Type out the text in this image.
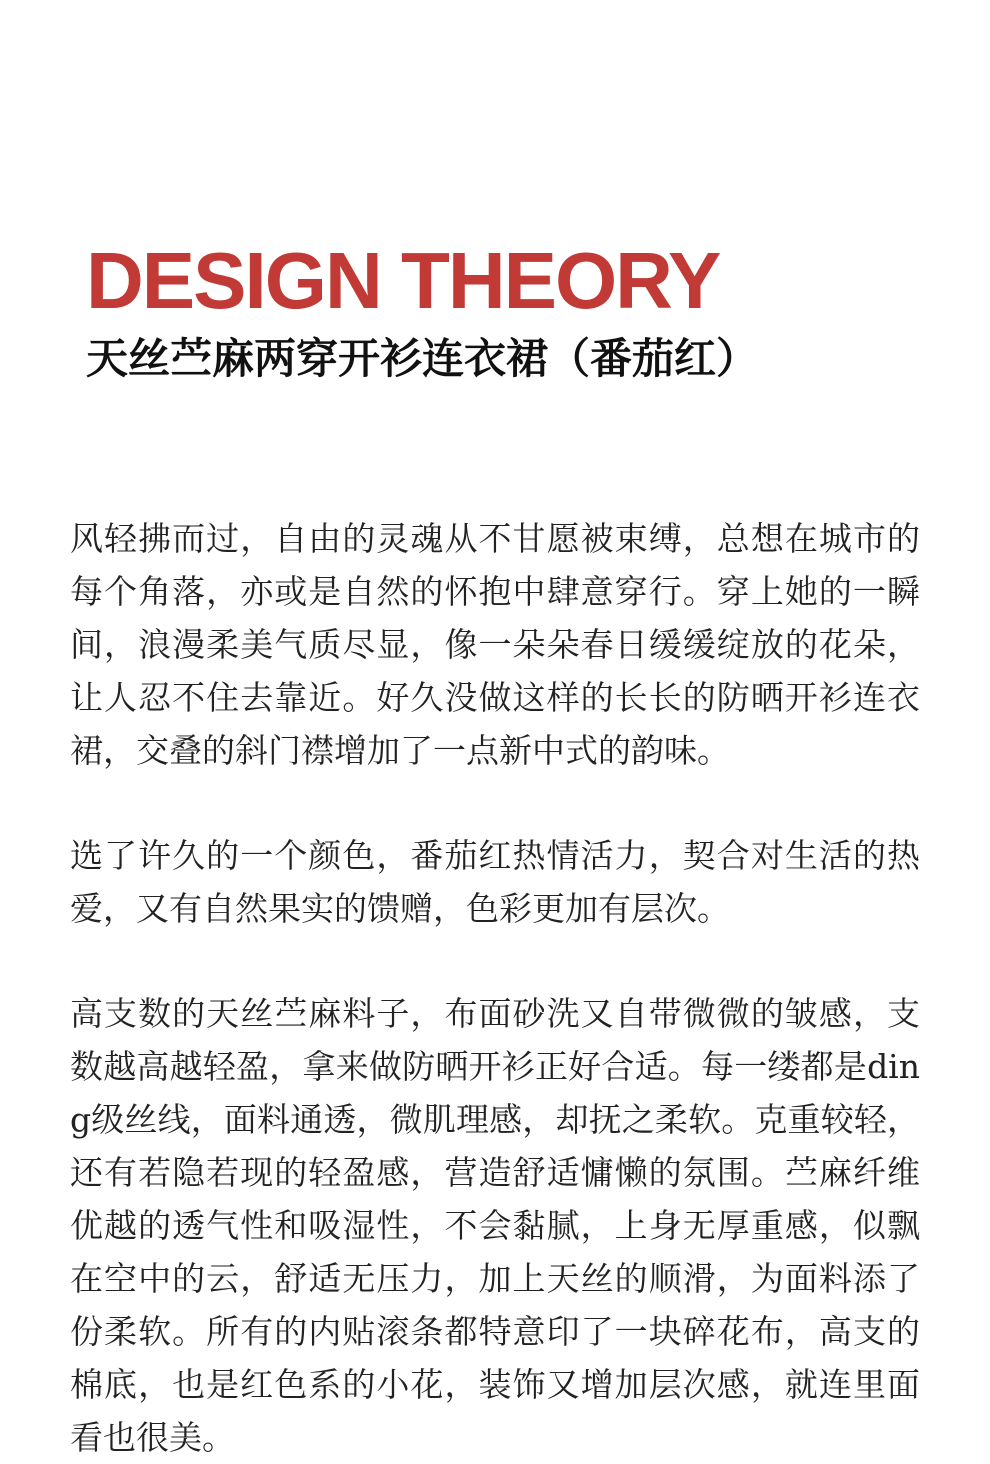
DESIGN THEORY
天丝苎麻两穿开衫连衣裙（番茄红）

风轻拂而过，自由的灵魂从不甘愿被束缚，总想在城市的每个角落，亦或是自然的怀抱中肆意穿行。穿上她的一瞬间，浪漫柔美气质尽显，像一朵朵春日缓缓绽放的花朵，让人忍不住去靠近。好久没做这样的长长的防晒开衫连衣裙，交叠的斜门襟增加了一点新中式的韵味。

选了许久的一个颜色，番茄红热情活力，契合对生活的热爱，又有自然果实的馈赠，色彩更加有层次。

高支数的天丝苎麻料子，布面砂洗又自带微微的皱感，支数越高越轻盈，拿来做防晒开衫正好合适。每一缕都是ding级丝线，面料通透，微肌理感，却抚之柔软。克重较轻，还有若隐若现的轻盈感，营造舒适慵懒的氛围。苎麻纤维优越的透气性和吸湿性，不会黏腻，上身无厚重感，似飘在空中的云，舒适无压力，加上天丝的顺滑，为面料添了份柔软。所有的内贴滚条都特意印了一块碎花布，高支的棉底，也是红色系的小花，装饰又增加层次感，就连里面看也很美。
